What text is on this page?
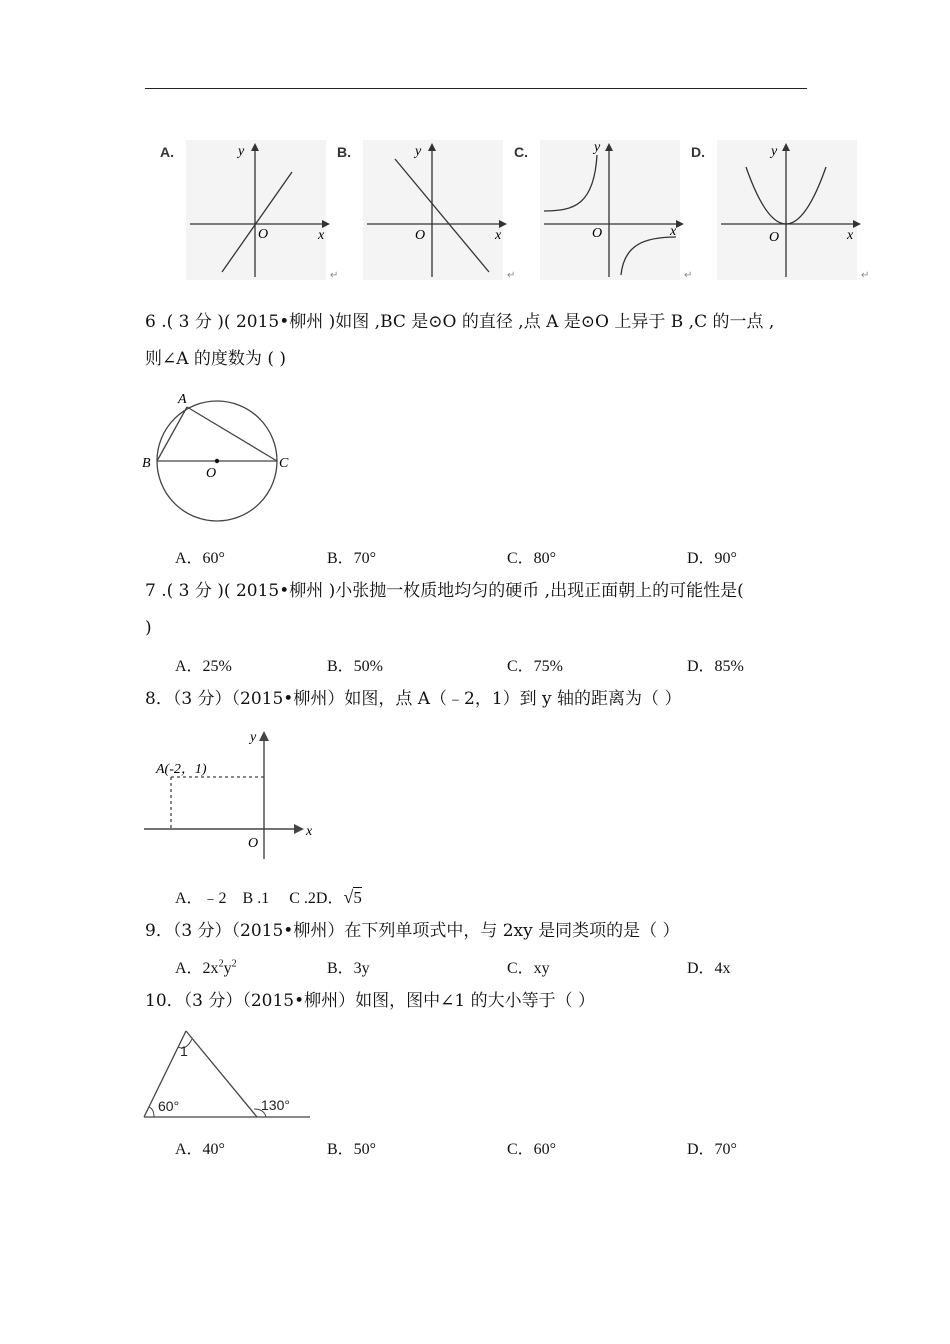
A.	y
x
O
↵
B.	y
x
O
↵
C.	y
x
O
↵
D.	y
x
O
↵
6 .( 3 分 )( 2015•柳州 )如图 ,BC 是⊙O 的直径 ,点 A 是⊙O 上异于 B ,C 的一点 ,
则∠A 的度数为 ( )
A
B	C
O
A．60°	B．70°	C．80°	D．90°
7 .( 3 分 )( 2015•柳州 )小张抛一枚质地均匀的硬币 ,出现正面朝上的可能性是(
)
A．25%	B．50%	C．75%	D．85%
8．（3 分）（2015•柳州）如图，点 A（﹣2，1）到 y 轴的距离为（ ）
A(-2，1)
y
x
O
A．﹣2    B .1     C .2D．√5
9．（3 分）（2015•柳州）在下列单项式中，与 2xy 是同类项的是（ ）
A．$2x^2y^2$	B．3y	C．xy	D．4x
10．（3 分）（2015•柳州）如图，图中∠1 的大小等于（ ）
1
60°	130°
A．40°	B．50°	C．60°	D．70°
